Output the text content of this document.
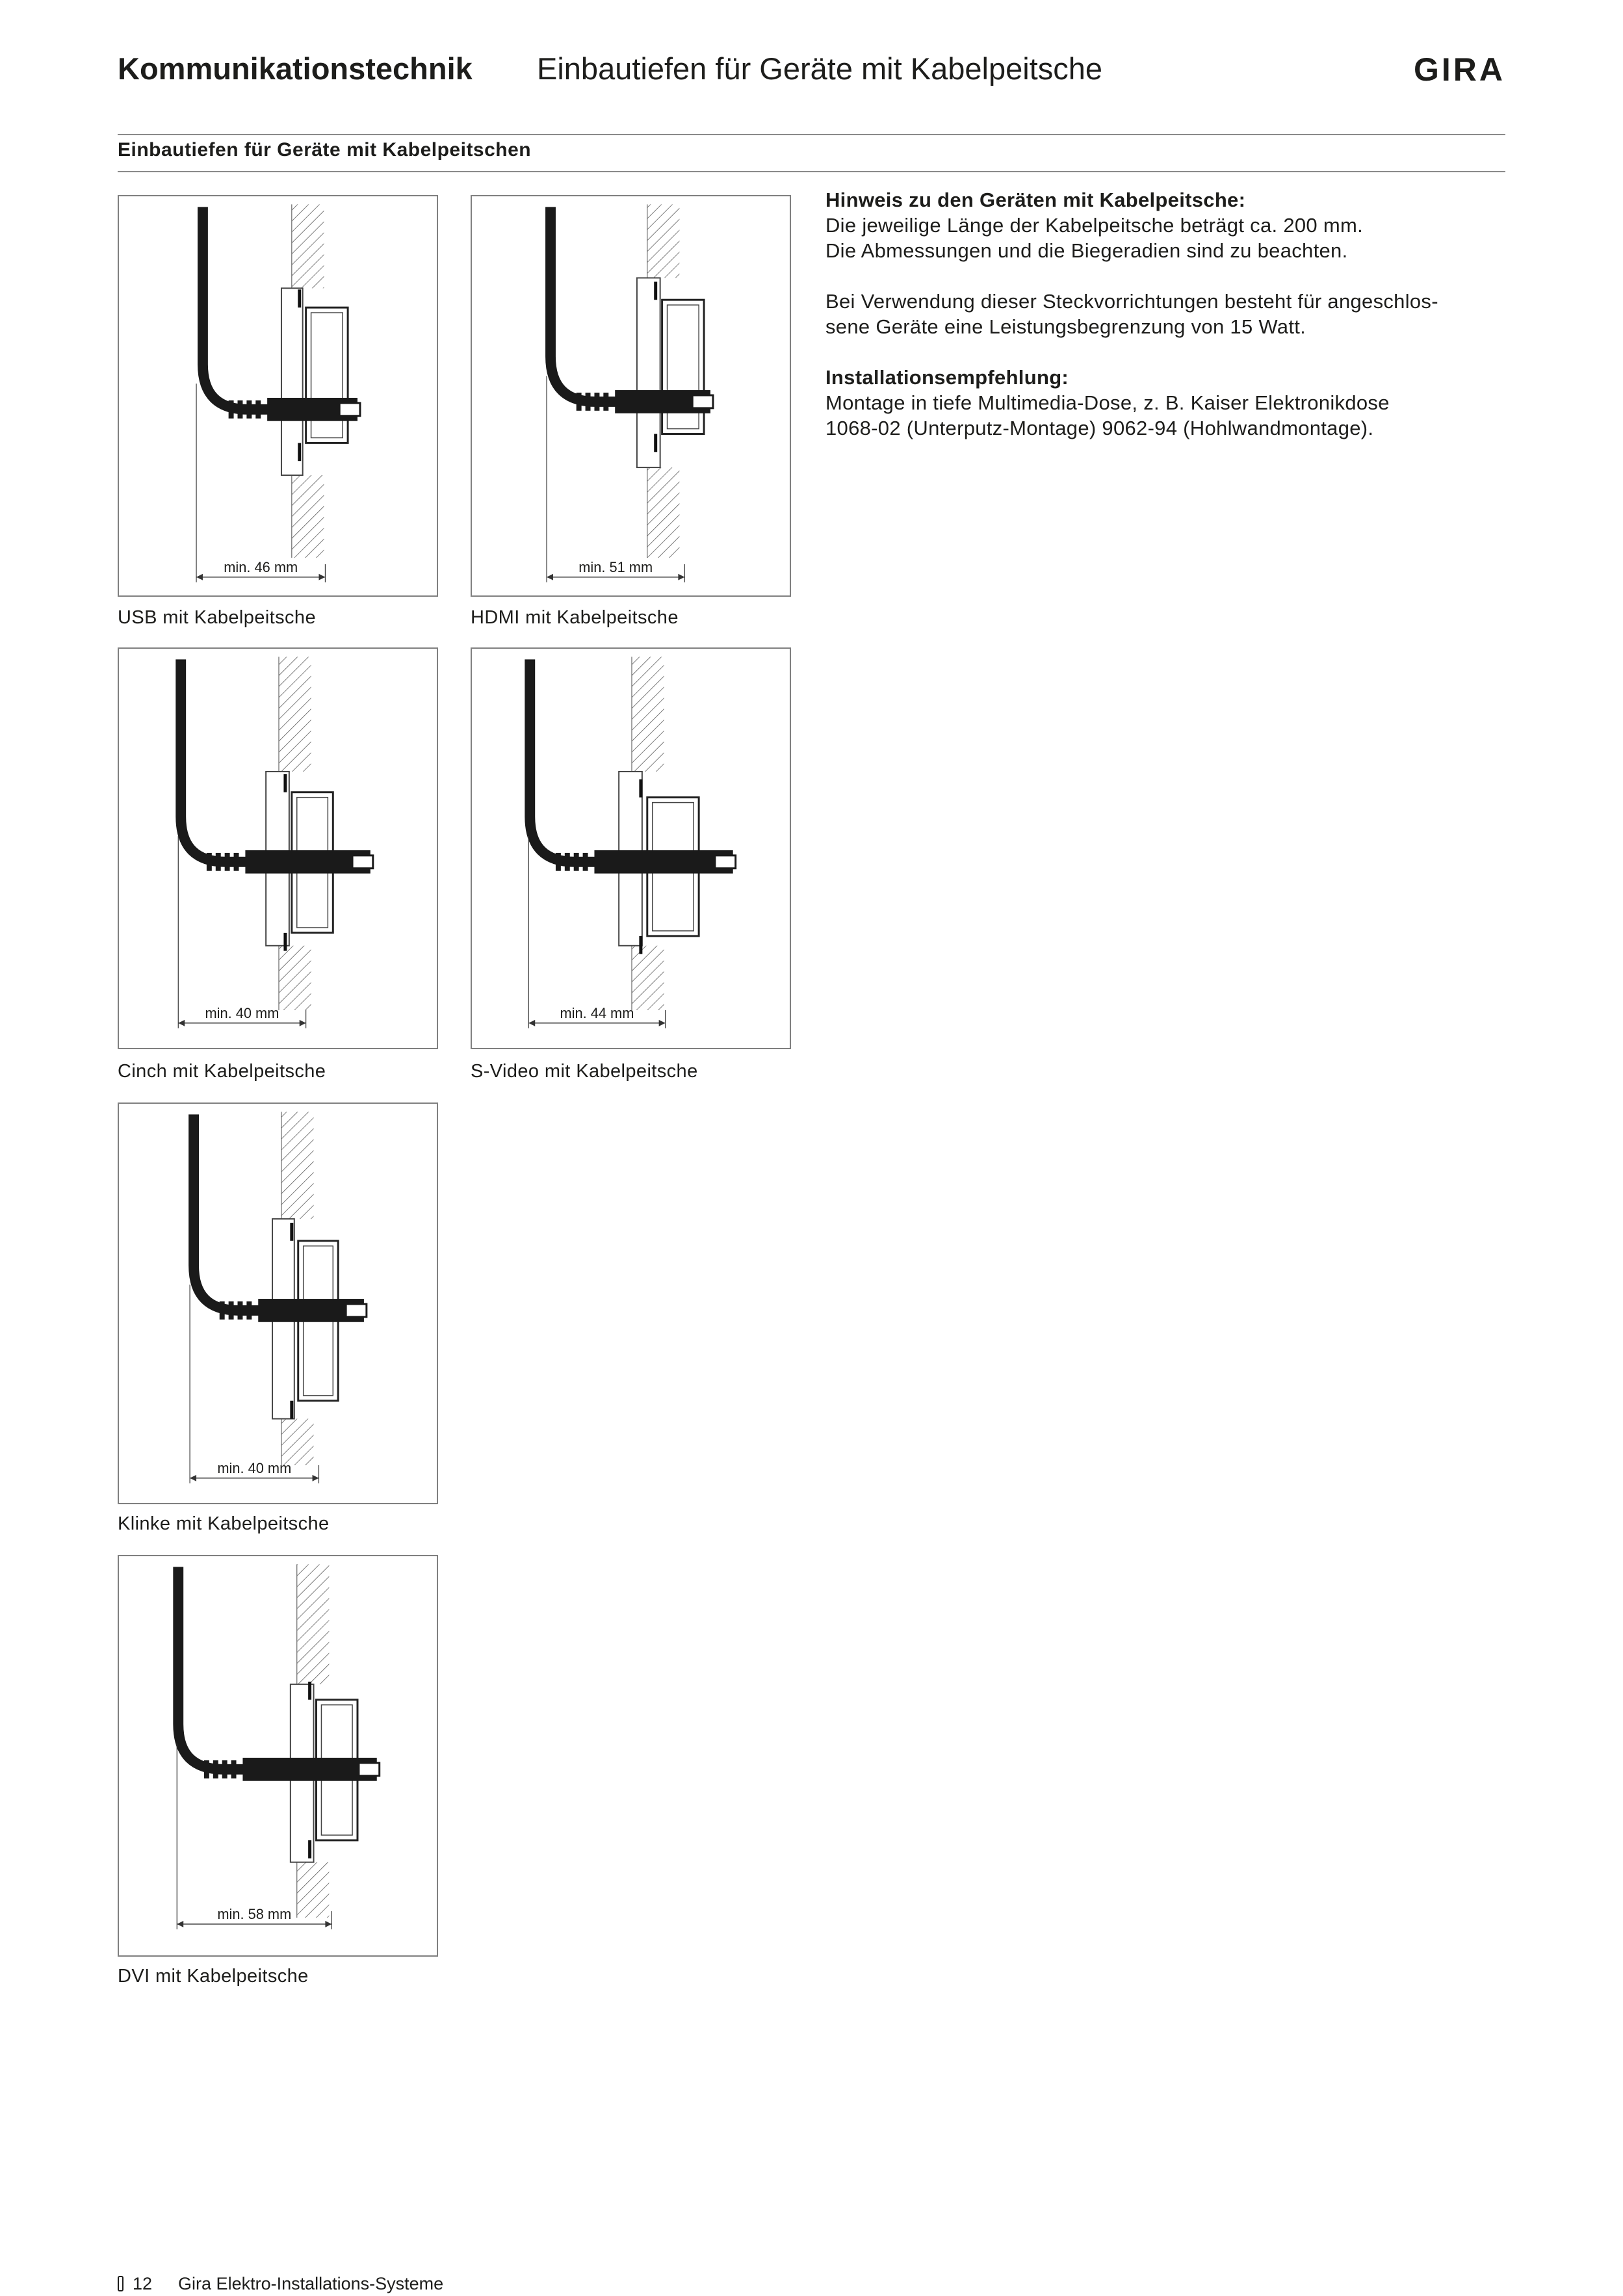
Kommunikationstechnik Einbautiefen für Geräte mit Kabelpeitsche	GIRA
Einbautiefen für Geräte mit Kabelpeitschen
min. 46 mm
USB mit Kabelpeitsche
min. 51 mm
HDMI mit Kabelpeitsche
min. 40 mm
Cinch mit Kabelpeitsche
min. 44 mm
S-Video mit Kabelpeitsche
min. 40 mm
Klinke mit Kabelpeitsche
min. 58 mm
DVI mit Kabelpeitsche
Hinweis zu den Geräten mit Kabelpeitsche:
Die jeweilige Länge der Kabelpeitsche beträgt ca. 200 mm.
Die Abmessungen und die Biegeradien sind zu beachten.
Bei Verwendung dieser Steckvorrichtungen besteht für angeschlos-
sene Geräte eine Leistungsbegrenzung von 15 Watt.
Installationsempfehlung:
Montage in tiefe Multimedia-Dose, z. B. Kaiser Elektronikdose
1068-02 (Unterputz-Montage) 9062-94 (Hohlwandmontage).
12 Gira Elektro-Installations-Systeme
